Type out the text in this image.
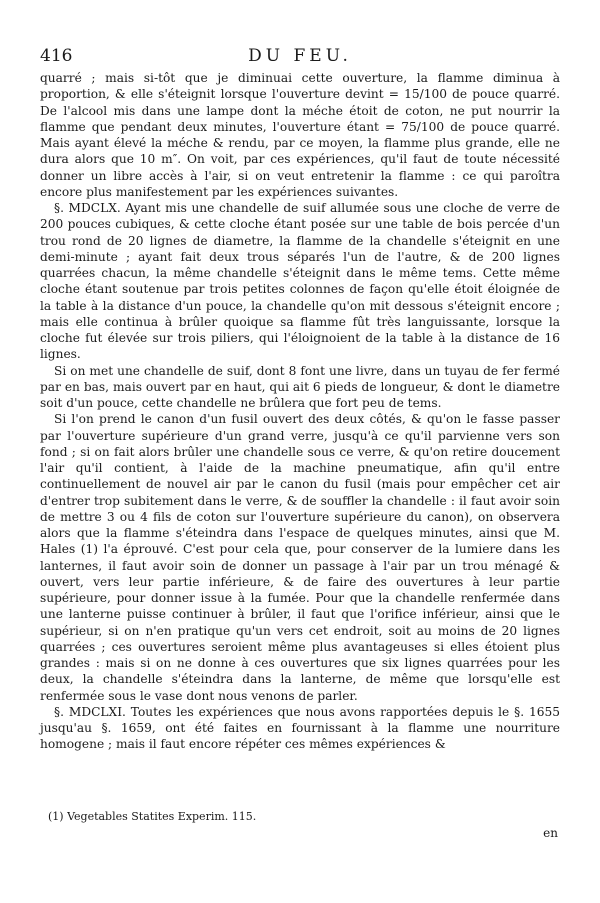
416	DU FEU.

quarré ; mais si-tôt que je diminuai cette ouverture, la flamme diminua à proportion, & elle s'éteignit lorsque l'ouverture devint = 15/100 de pouce quarré. De l'alcool mis dans une lampe dont la méche étoit de coton, ne put nourrir la flamme que pendant deux minutes, l'ouverture étant = 75/100 de pouce quarré. Mais ayant élevé la méche & rendu, par ce moyen, la flamme plus grande, elle ne dura alors que 10 m″. On voit, par ces expériences, qu'il faut de toute nécessité donner un libre accès à l'air, si on veut entretenir la flamme : ce qui paroîtra encore plus manifestement par les expériences suivantes.

§. MDCLX. Ayant mis une chandelle de suif allumée sous une cloche de verre de 200 pouces cubiques, & cette cloche étant posée sur une table de bois percée d'un trou rond de 20 lignes de diametre, la flamme de la chandelle s'éteignit en une demi-minute ; ayant fait deux trous séparés l'un de l'autre, & de 200 lignes quarrées chacun, la même chandelle s'éteignit dans le même tems. Cette même cloche étant soutenue par trois petites colonnes de façon qu'elle étoit éloignée de la table à la distance d'un pouce, la chandelle qu'on mit dessous s'éteignit encore ; mais elle continua à brûler quoique sa flamme fût très languissante, lorsque la cloche fut élevée sur trois piliers, qui l'éloignoient de la table à la distance de 16 lignes.

Si on met une chandelle de suif, dont 8 font une livre, dans un tuyau de fer fermé par en bas, mais ouvert par en haut, qui ait 6 pieds de longueur, & dont le diametre soit d'un pouce, cette chandelle ne brûlera que fort peu de tems.

Si l'on prend le canon d'un fusil ouvert des deux côtés, & qu'on le fasse passer par l'ouverture supérieure d'un grand verre, jusqu'à ce qu'il parvienne vers son fond ; si on fait alors brûler une chandelle sous ce verre, & qu'on retire doucement l'air qu'il contient, à l'aide de la machine pneumatique, afin qu'il entre continuellement de nouvel air par le canon du fusil (mais pour empêcher cet air d'entrer trop subitement dans le verre, & de souffler la chandelle : il faut avoir soin de mettre 3 ou 4 fils de coton sur l'ouverture supérieure du canon), on observera alors que la flamme s'éteindra dans l'espace de quelques minutes, ainsi que M. Hales (1) l'a éprouvé. C'est pour cela que, pour conserver de la lumiere dans les lanternes, il faut avoir soin de donner un passage à l'air par un trou ménagé & ouvert, vers leur partie inférieure, & de faire des ouvertures à leur partie supérieure, pour donner issue à la fumée. Pour que la chandelle renfermée dans une lanterne puisse continuer à brûler, il faut que l'orifice inférieur, ainsi que le supérieur, si on n'en pratique qu'un vers cet endroit, soit au moins de 20 lignes quarrées ; ces ouvertures seroient même plus avantageuses si elles étoient plus grandes : mais si on ne donne à ces ouvertures que six lignes quarrées pour les deux, la chandelle s'éteindra dans la lanterne, de même que lorsqu'elle est renfermée sous le vase dont nous venons de parler.

§. MDCLXI. Toutes les expériences que nous avons rapportées depuis le §. 1655 jusqu'au §. 1659, ont été faites en fournissant à la flamme une nourriture homogene ; mais il faut encore répéter ces mêmes expériences &

(1) Vegetables Statites Experim. 115.
en
